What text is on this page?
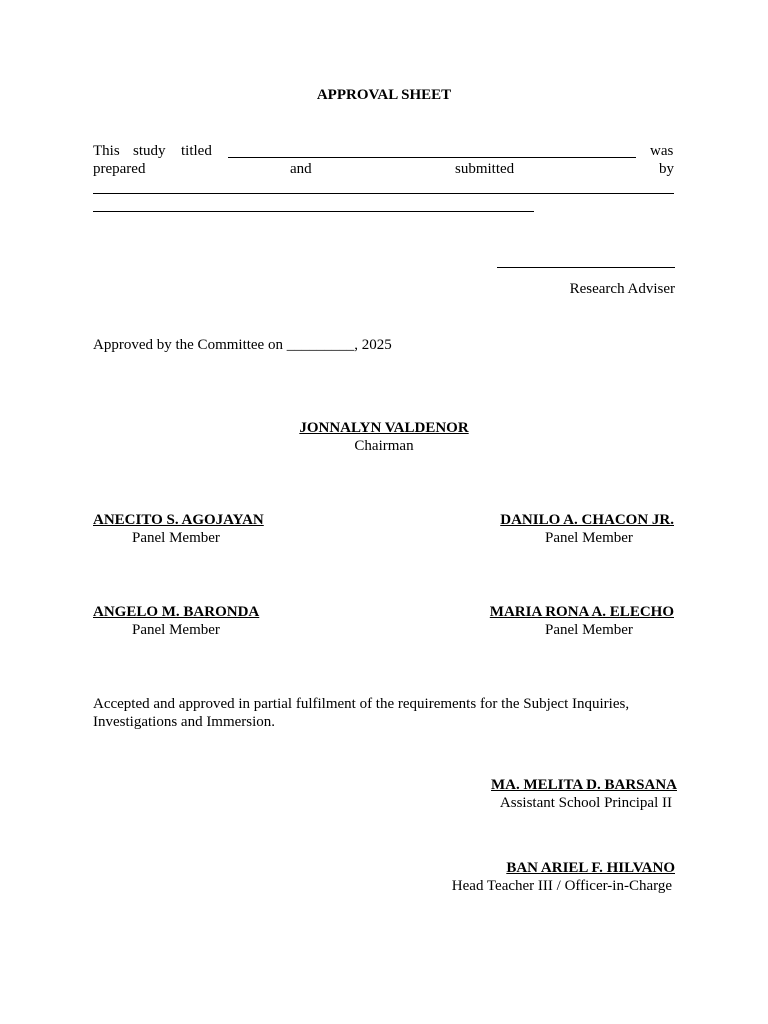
APPROVAL SHEET
This study titled	was
prepared	and	submitted	by
Research Adviser
Approved by the Committee on _________, 2025
JONNALYN VALDENOR
Chairman
ANECITO S. AGOJAYAN
Panel Member
DANILO A. CHACON JR.
Panel Member
ANGELO M. BARONDA
Panel Member
MARIA RONA A. ELECHO
Panel Member
Accepted and approved in partial fulfilment of the requirements for the Subject Inquiries,
Investigations and Immersion.
MA. MELITA D. BARSANA
Assistant School Principal II
BAN ARIEL F. HILVANO
Head Teacher III / Officer-in-Charge
